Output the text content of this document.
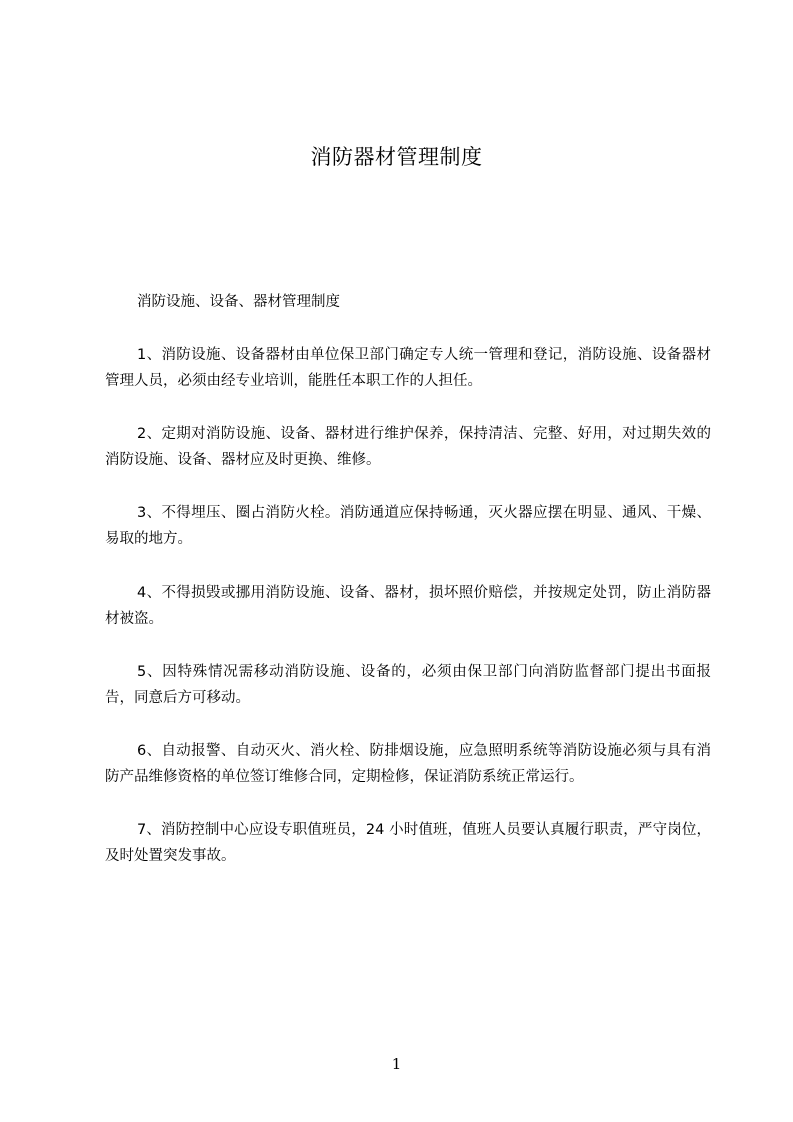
消防器材管理制度
消防设施、设备、器材管理制度

1、消防设施、设备器材由单位保卫部门确定专人统一管理和登记，消防设施、设备器材管理人员，必须由经专业培训，能胜任本职工作的人担任。

2、定期对消防设施、设备、器材进行维护保养，保持清洁、完整、好用，对过期失效的消防设施、设备、器材应及时更换、维修。

3、不得埋压、圈占消防火栓。消防通道应保持畅通，灭火器应摆在明显、通风、干燥、易取的地方。

4、不得损毁或挪用消防设施、设备、器材，损坏照价赔偿，并按规定处罚，防止消防器材被盗。

5、因特殊情况需移动消防设施、设备的，必须由保卫部门向消防监督部门提出书面报告，同意后方可移动。

6、自动报警、自动灭火、消火栓、防排烟设施，应急照明系统等消防设施必须与具有消防产品维修资格的单位签订维修合同，定期检修，保证消防系统正常运行。

7、消防控制中心应设专职值班员，24 小时值班，值班人员要认真履行职责，严守岗位，及时处置突发事故。

1
